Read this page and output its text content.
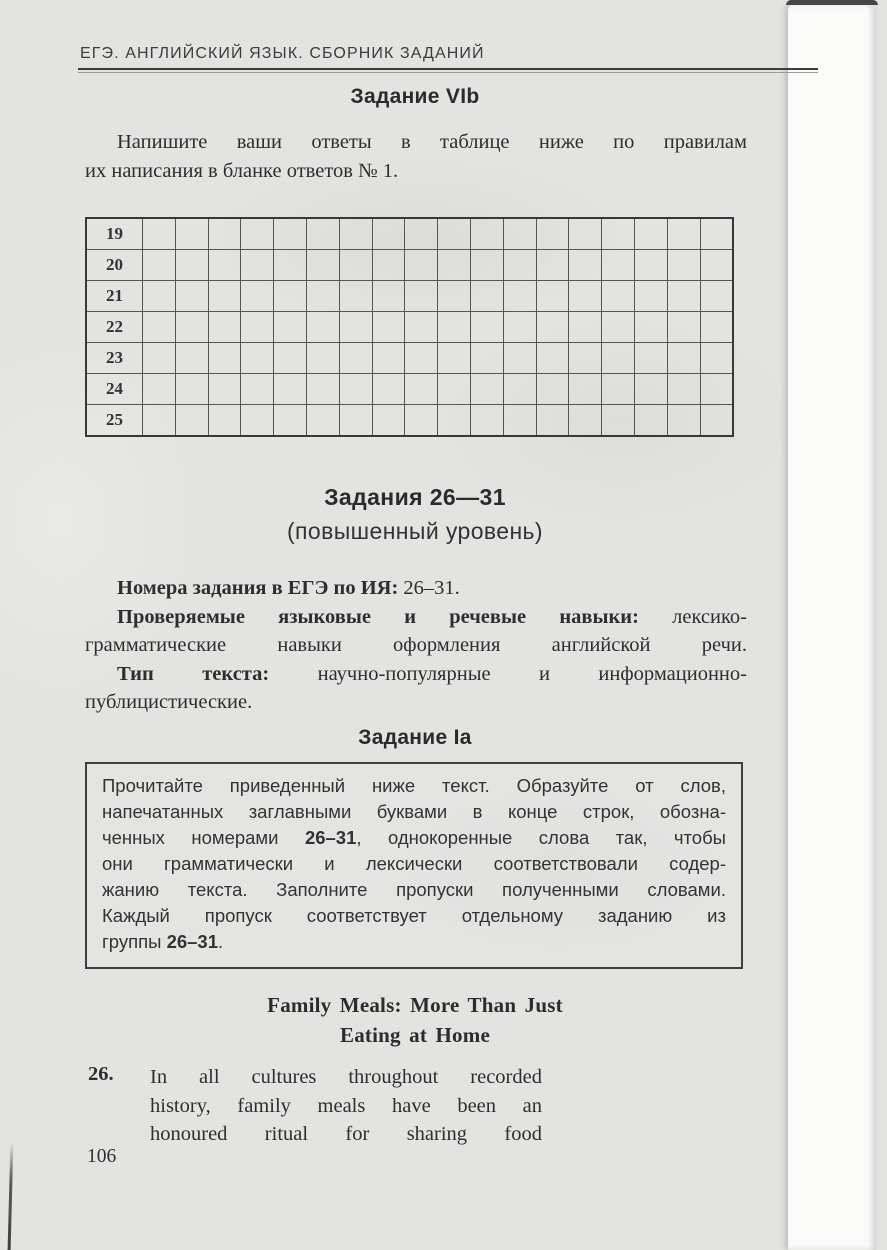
ЕГЭ. АНГЛИЙСКИЙ ЯЗЫК. СБОРНИК ЗАДАНИЙ
Задание VIb
Напишите ваши ответы в таблице ниже по правилам
их написания в бланке ответов № 1.
19																		
20																		
21																		
22																		
23																		
24																		
25																		
Задания 26—31
(повышенный уровень)
Номера задания в ЕГЭ по ИЯ: 26–31.
Проверяемые языковые и речевые навыки: лексико-
грамматические навыки оформления английской речи.
Тип текста: научно-популярные и информационно-
публицистические.
Задание Ia
Прочитайте приведенный ниже текст. Образуйте от слов,
напечатанных заглавными буквами в конце строк, обозна-
ченных номерами 26–31, однокоренные слова так, чтобы
они грамматически и лексически соответствовали содер-
жанию текста. Заполните пропуски полученными словами.
Каждый пропуск соответствует отдельному заданию из
группы 26–31.
Family Meals: More Than Just
Eating at Home
26. In all cultures throughout recorded
history, family meals have been an
honoured ritual for sharing food
106
